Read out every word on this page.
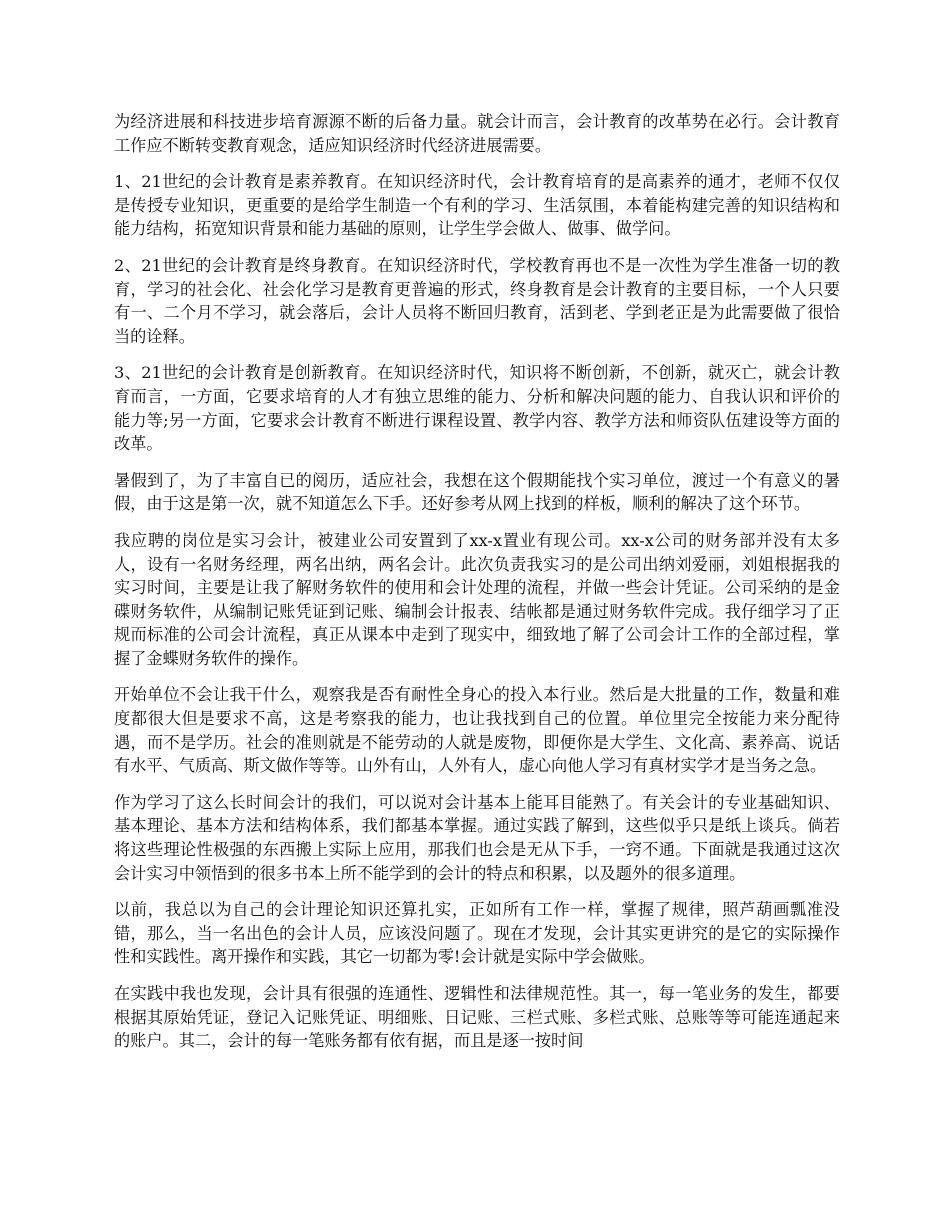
为经济进展和科技进步培育源源不断的后备力量。就会计而言，会计教育的改革势在必行。会计教育工作应不断转变教育观念，适应知识经济时代经济进展需要。

1、21世纪的会计教育是素养教育。在知识经济时代，会计教育培育的是高素养的通才，老师不仅仅是传授专业知识，更重要的是给学生制造一个有利的学习、生活氛围，本着能构建完善的知识结构和能力结构，拓宽知识背景和能力基础的原则，让学生学会做人、做事、做学问。

2、21世纪的会计教育是终身教育。在知识经济时代，学校教育再也不是一次性为学生准备一切的教育，学习的社会化、社会化学习是教育更普遍的形式，终身教育是会计教育的主要目标，一个人只要有一、二个月不学习，就会落后，会计人员将不断回归教育，活到老、学到老正是为此需要做了很恰当的诠释。

3、21世纪的会计教育是创新教育。在知识经济时代，知识将不断创新，不创新，就灭亡，就会计教育而言，一方面，它要求培育的人才有独立思维的能力、分析和解决问题的能力、自我认识和评价的能力等;另一方面，它要求会计教育不断进行课程设置、教学内容、教学方法和师资队伍建设等方面的改革。

暑假到了，为了丰富自已的阅历，适应社会，我想在这个假期能找个实习单位，渡过一个有意义的暑假，由于这是第一次，就不知道怎么下手。还好参考从网上找到的样板，顺利的解决了这个环节。

我应聘的岗位是实习会计，被建业公司安置到了xx-x置业有现公司。xx-x公司的财务部并没有太多人，设有一名财务经理，两名出纳，两名会计。此次负责我实习的是公司出纳刘爱丽，刘姐根据我的实习时间，主要是让我了解财务软件的使用和会计处理的流程，并做一些会计凭证。公司采纳的是金碟财务软件，从编制记账凭证到记账、编制会计报表、结帐都是通过财务软件完成。我仔细学习了正规而标准的公司会计流程，真正从课本中走到了现实中，细致地了解了公司会计工作的全部过程，掌握了金蝶财务软件的操作。

开始单位不会让我干什么，观察我是否有耐性全身心的投入本行业。然后是大批量的工作，数量和难度都很大但是要求不高，这是考察我的能力，也让我找到自己的位置。单位里完全按能力来分配待遇，而不是学历。社会的准则就是不能劳动的人就是废物，即便你是大学生、文化高、素养高、说话有水平、气质高、斯文做作等等。山外有山，人外有人，虚心向他人学习有真材实学才是当务之急。

作为学习了这么长时间会计的我们，可以说对会计基本上能耳目能熟了。有关会计的专业基础知识、基本理论、基本方法和结构体系，我们都基本掌握。通过实践了解到，这些似乎只是纸上谈兵。倘若将这些理论性极强的东西搬上实际上应用，那我们也会是无从下手，一窍不通。下面就是我通过这次会计实习中领悟到的很多书本上所不能学到的会计的特点和积累，以及题外的很多道理。

以前，我总以为自己的会计理论知识还算扎实，正如所有工作一样，掌握了规律，照芦葫画瓢准没错，那么，当一名出色的会计人员，应该没问题了。现在才发现，会计其实更讲究的是它的实际操作性和实践性。离开操作和实践，其它一切都为零!会计就是实际中学会做账。

在实践中我也发现，会计具有很强的连通性、逻辑性和法律规范性。其一，每一笔业务的发生，都要根据其原始凭证，登记入记账凭证、明细账、日记账、三栏式账、多栏式账、总账等等可能连通起来的账户。其二，会计的每一笔账务都有依有据，而且是逐一按时间
